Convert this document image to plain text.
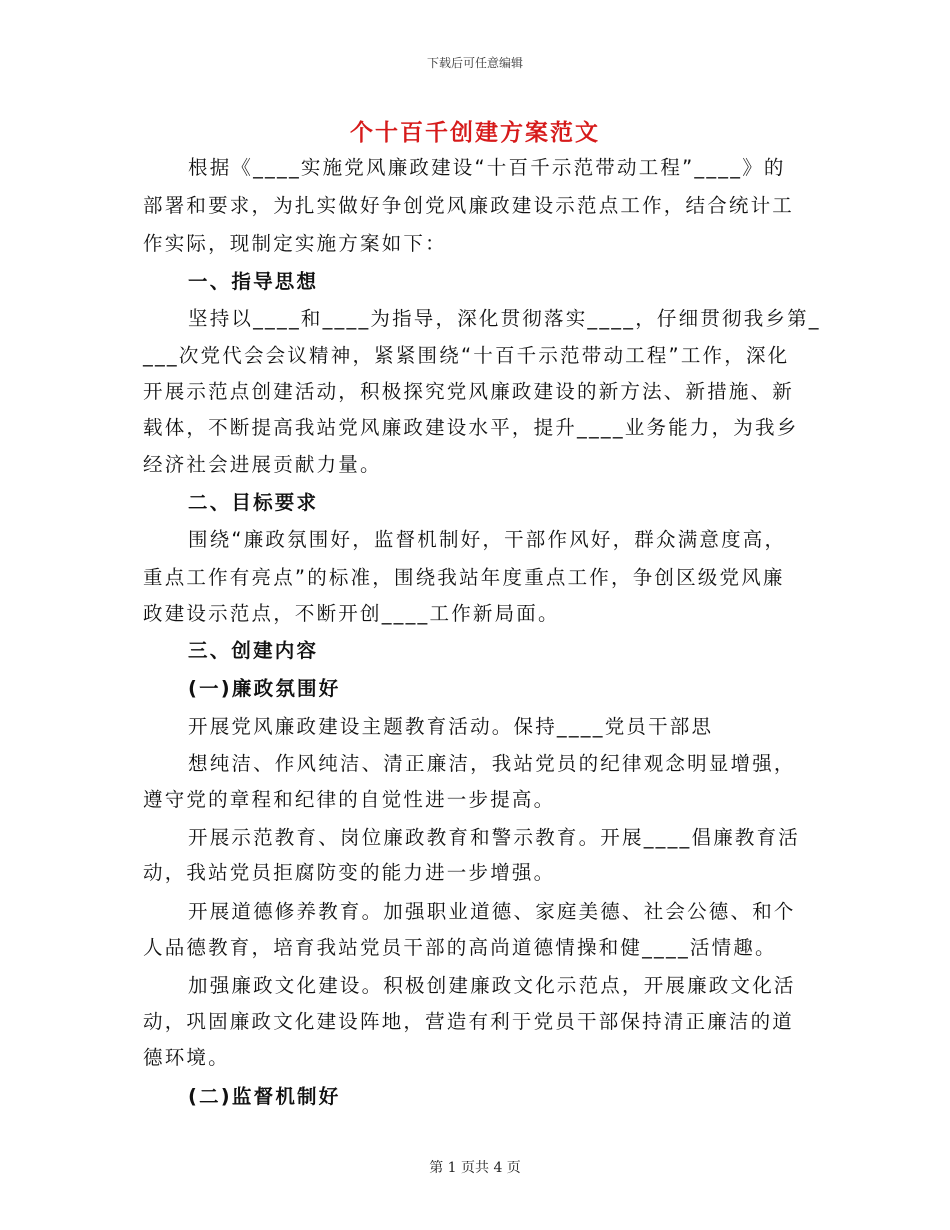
下载后可任意编辑
个十百千创建方案范文
根据《____实施党风廉政建设“十百千示范带动工程”____》的
部署和要求，为扎实做好争创党风廉政建设示范点工作，结合统计工
作实际，现制定实施方案如下：
一、指导思想
坚持以____和____为指导，深化贯彻落实____，仔细贯彻我乡第_
___次党代会会议精神，紧紧围绕“十百千示范带动工程”工作，深化
开展示范点创建活动，积极探究党风廉政建设的新方法、新措施、新
载体，不断提高我站党风廉政建设水平，提升____业务能力，为我乡
经济社会进展贡献力量。
二、目标要求
围绕“廉政氛围好，监督机制好，干部作风好，群众满意度高，
重点工作有亮点”的标准，围绕我站年度重点工作，争创区级党风廉
政建设示范点，不断开创____工作新局面。
三、创建内容
(一)廉政氛围好
开展党风廉政建设主题教育活动。保持____党员干部思
想纯洁、作风纯洁、清正廉洁，我站党员的纪律观念明显增强，
遵守党的章程和纪律的自觉性进一步提高。
开展示范教育、岗位廉政教育和警示教育。开展____倡廉教育活
动，我站党员拒腐防变的能力进一步增强。
开展道德修养教育。加强职业道德、家庭美德、社会公德、和个
人品德教育，培育我站党员干部的高尚道德情操和健____活情趣。
加强廉政文化建设。积极创建廉政文化示范点，开展廉政文化活
动，巩固廉政文化建设阵地，营造有利于党员干部保持清正廉洁的道
德环境。
(二)监督机制好
第 1 页共 4 页
